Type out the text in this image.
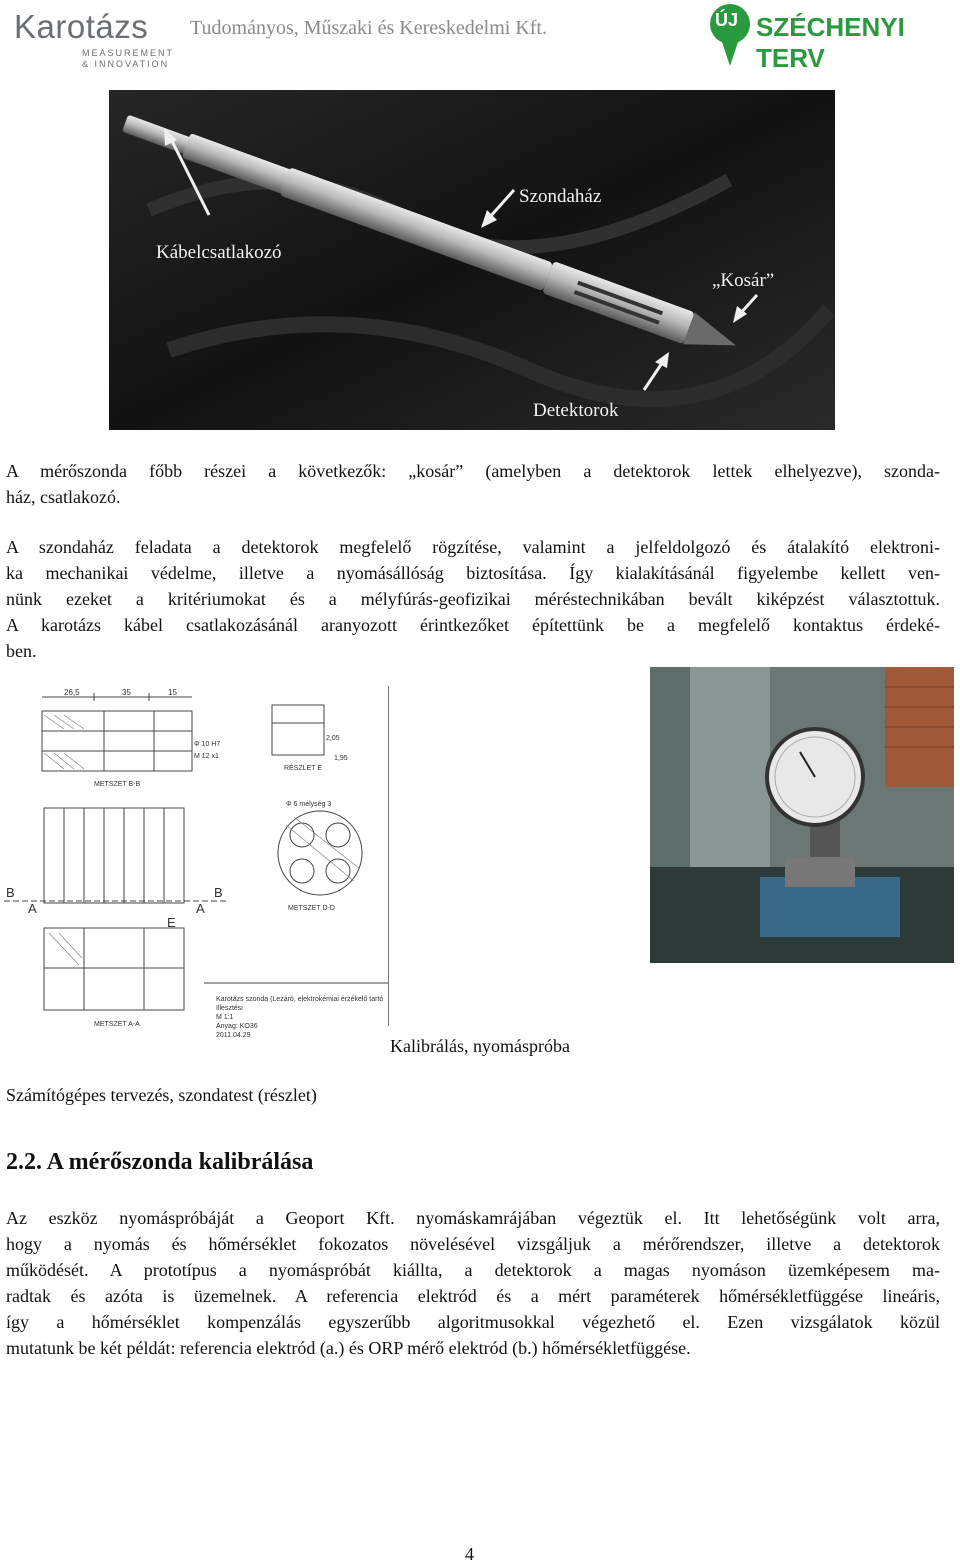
Karotázs
MEASUREMENT
& INNOVATION
Tudományos, Műszaki és Kereskedelmi Kft.	ÚJ SZÉCHENYI TERV
Kábelcsatlakozó
Szondaház
„Kosár”
Detektorok

A mérőszonda főbb részei a következők: „kosár” (amelyben a detektorok lettek elhelyezve), szonda-

ház, csatlakozó.

A szondaház feladata a detektorok megfelelő rögzítése, valamint a jelfeldolgozó és átalakító elektroni-

ka mechanikai védelme, illetve a nyomásállóság biztosítása. Így kialakításánál figyelembe kellett ven-

nünk ezeket a kritériumokat és a mélyfúrás-geofizikai méréstechnikában bevált kiképzést választottuk.

A karotázs kábel csatlakozásánál aranyozott érintkezőket építettünk be a megfelelő kontaktus érdeké-

ben.

26,5	35	15
Φ 10 H7
M 12 x1
2,05
1,95
METSZET B-B
RÉSZLET E
Φ 6 mélység 3
METSZET D-D
METSZET A-A
B
A
B
A
E
Karotázs szonda (Lezáró, elektrokémiai érzékelő tartó
Illesztési
M 1:1
Anyag: KO36
2011.04.29
Kalibrálás, nyomáspróba
Számítógépes tervezés, szondatest (részlet)
2.2. A mérőszonda kalibrálása

Az eszköz nyomáspróbáját a Geoport Kft. nyomáskamrájában végeztük el. Itt lehetőségünk volt arra,

hogy a nyomás és hőmérséklet fokozatos növelésével vizsgáljuk a mérőrendszer, illetve a detektorok

működését. A prototípus a nyomáspróbát kiállta, a detektorok a magas nyomáson üzemképesem ma-

radtak és azóta is üzemelnek. A referencia elektród és a mért paraméterek hőmérsékletfüggése lineáris,

így a hőmérséklet kompenzálás egyszerűbb algoritmusokkal végezhető el. Ezen vizsgálatok közül

mutatunk be két példát: referencia elektród (a.) és ORP mérő elektród (b.) hőmérsékletfüggése.

4
